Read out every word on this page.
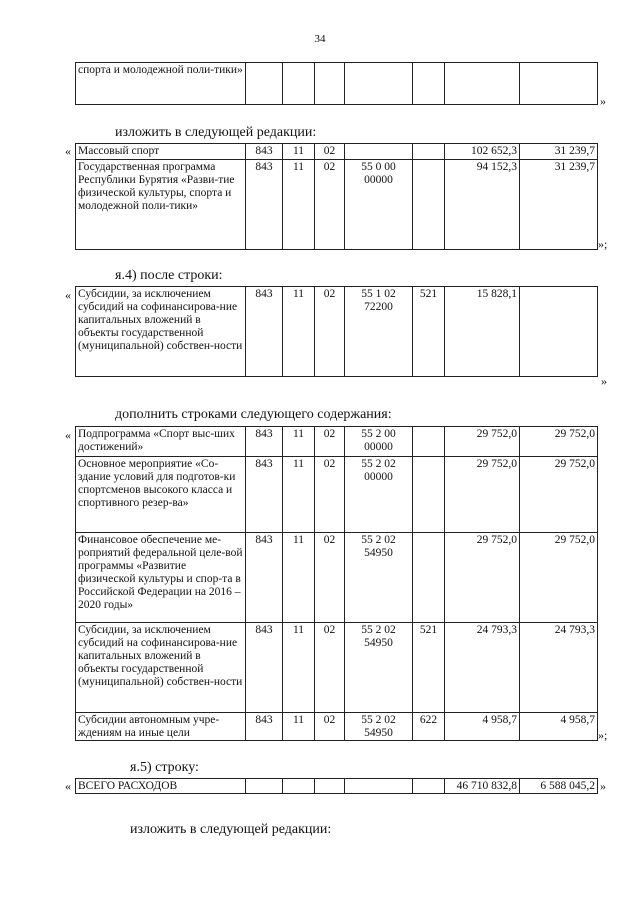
34
спорта и молодежной поли-тики»							
»
изложить в следующей редакции:
« Массовый спорт	843	11	02			102 652,3	31 239,7
Государственная программа Республики Бурятия «Разви-тие физической культуры, спорта и молодежной поли-тики»	843	11	02	55 0 00 00000		94 152,3	31 239,7
»;
я.4) после строки:
« Субсидии, за исключением субсидий на софинансирова-ние капитальных вложений в объекты государственной (муниципальной) собствен-ности	843	11	02	55 1 02 72200	521	15 828,1	
»
дополнить строками следующего содержания:
« Подпрограмма «Спорт выс-ших достижений»	843	11	02	55 2 00 00000		29 752,0	29 752,0
Основное мероприятие «Со-здание условий для подготов-ки спортсменов высокого класса и спортивного резер-ва»	843	11	02	55 2 02 00000		29 752,0	29 752,0
Финансовое обеспечение ме-роприятий федеральной целе-вой программы «Развитие физической культуры и спор-та в Российской Федерации на 2016 – 2020 годы»	843	11	02	55 2 02 54950		29 752,0	29 752,0
Субсидии, за исключением субсидий на софинансирова-ние капитальных вложений в объекты государственной (муниципальной) собствен-ности	843	11	02	55 2 02 54950	521	24 793,3	24 793,3
Субсидии автономным учре-ждениям на иные цели	843	11	02	55 2 02 54950	622	4 958,7	4 958,7
»;
я.5) строку:
« ВСЕГО РАСХОДОВ						46 710 832,8	6 588 045,2 »
изложить в следующей редакции:
